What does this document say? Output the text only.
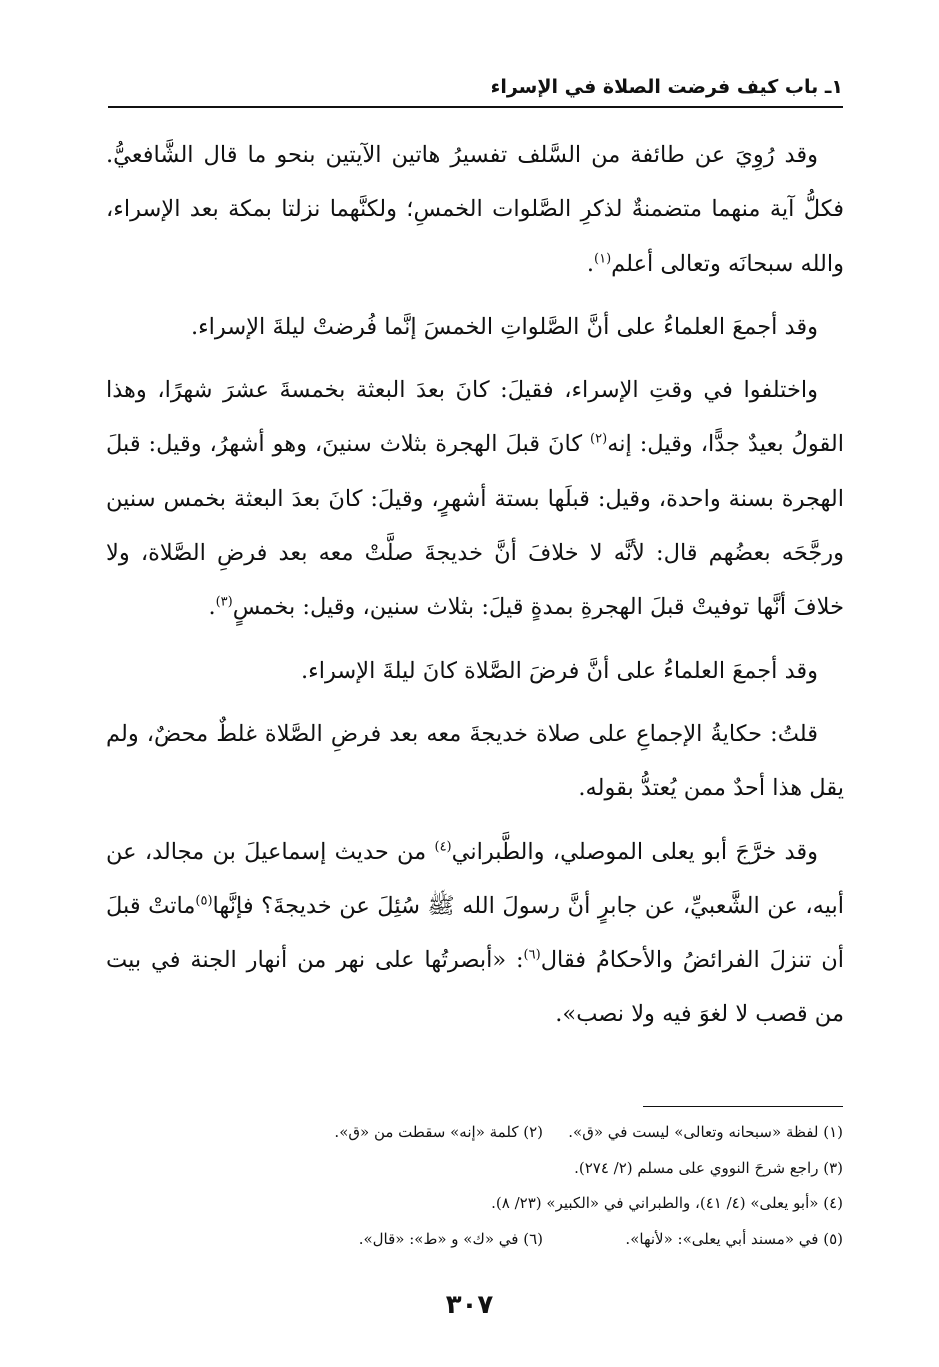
١ـ باب كيف فرضت الصلاة في الإسراء

وقد رُوِيَ عن طائفة من السَّلف تفسيرُ هاتين الآيتين بنحو ما قال الشَّافعيُّ. فكلُّ آية منهما متضمنةٌ لذكرِ الصَّلوات الخمسِ؛ ولكنَّهما نزلتا بمكة بعد الإسراء، والله سبحانَه وتعالى أعلم$^{(١)}$.

وقد أجمعَ العلماءُ على أنَّ الصَّلواتِ الخمسَ إنَّما فُرضتْ ليلةَ الإسراء.

واختلفوا في وقتِ الإسراء، فقيلَ: كانَ بعدَ البعثة بخمسةَ عشرَ شهرًا، وهذا القولُ بعيدٌ جدًّا، وقيل: إنه$^{(٢)}$ كانَ قبلَ الهجرة بثلاث سنينَ، وهو أشهرُ، وقيل: قبلَ الهجرة بسنة واحدة، وقيل: قبلَها بستة أشهرٍ، وقيلَ: كانَ بعدَ البعثة بخمس سنين ورجَّحَه بعضُهم قال: لأنَّه لا خلافَ أنَّ خديجةَ صلَّتْ معه بعد فرضِ الصَّلاة، ولا خلافَ أنَّها توفيتْ قبلَ الهجرةِ بمدةٍ قيلَ: بثلاث سنين، وقيل: بخمسٍ$^{(٣)}$.

وقد أجمعَ العلماءُ على أنَّ فرضَ الصَّلاة كانَ ليلةَ الإسراء.

قلتُ: حكايةُ الإجماعِ على صلاة خديجةَ معه بعد فرضِ الصَّلاة غلطٌ محضٌ، ولم يقل هذا أحدٌ ممن يُعتدُّ بقوله.

وقد خرَّجَ أبو يعلى الموصلي، والطَّبراني$^{(٤)}$ من حديث إسماعيلَ بن مجالد، عن أبيه، عن الشَّعبيِّ، عن جابرٍ أنَّ رسولَ الله ﷺ سُئِلَ عن خديجةَ؟ فإنَّها$^{(٥)}$ماتتْ قبلَ أن تنزلَ الفرائضُ والأحكامُ فقال$^{(٦)}$: «أبصرتُها على نهر من أنهار الجنة في بيت من قصب لا لغوَ فيه ولا نصب».

(١) لفظة «سبحانه وتعالى» ليست في «ق».
(٢) كلمة «إنه» سقطت من «ق».
(٣) راجع شرحَ النووي على مسلم (٢/ ٢٧٤).
(٤) «أبو يعلى» (٤/ ٤١)، والطبراني في «الكبير» (٢٣/ ٨).
(٥) في «مسند أبي يعلى»: «لأنها».
(٦) في «ك» و «ط»: «قال».
٣٠٧
